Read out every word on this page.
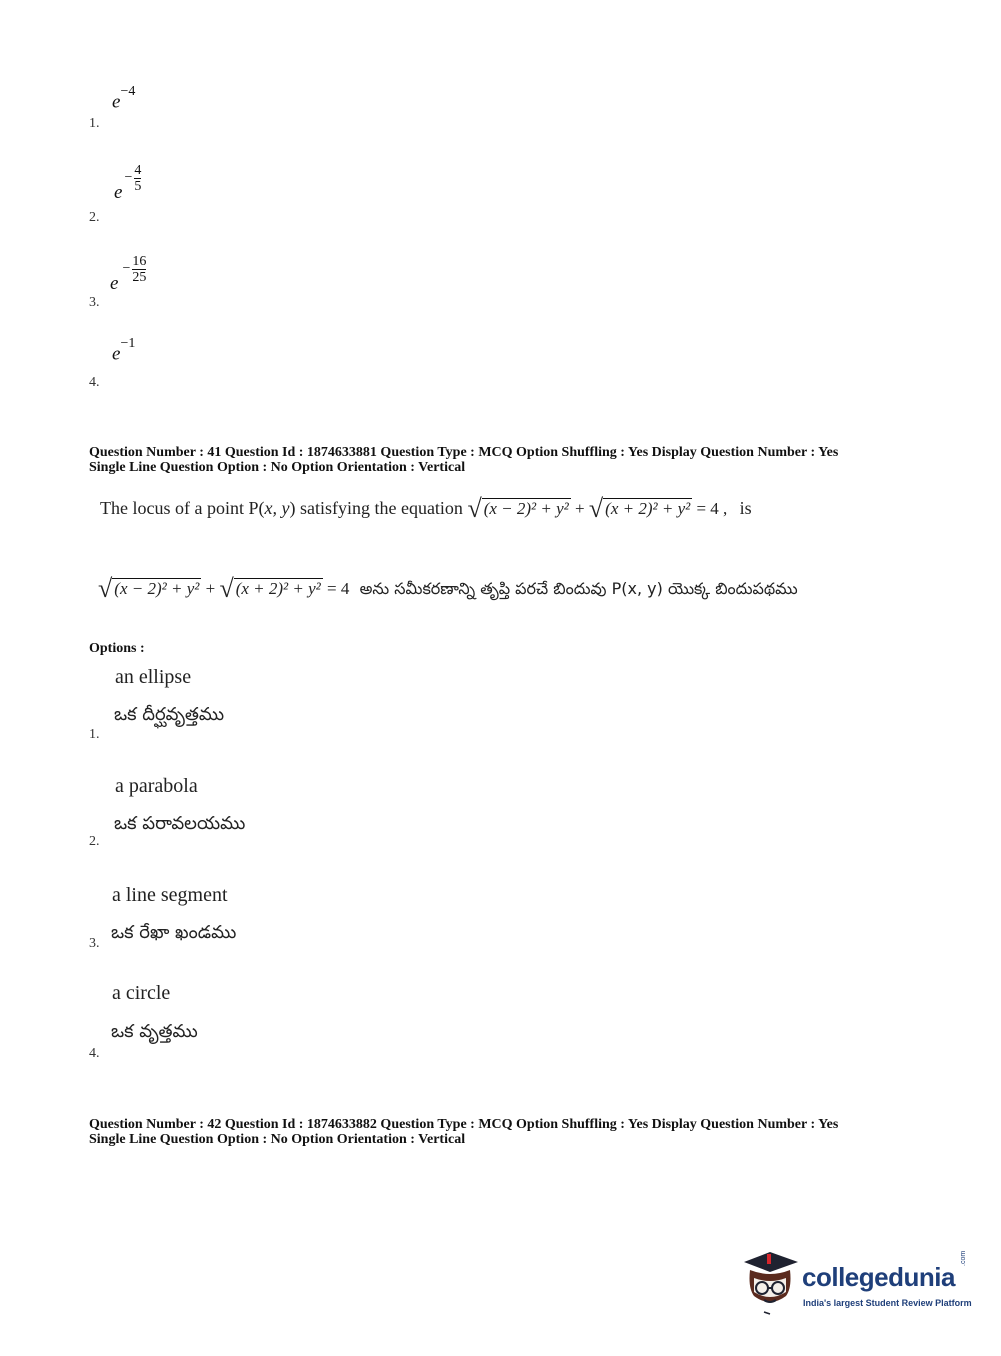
$e^{-4}$
1.
e
− $\frac{4}{5}$
2.
e
− $\frac{16}{25}$
3.
$e^{-1}$
4.
Question Number : 41 Question Id : 1874633881 Question Type : MCQ Option Shuffling : Yes Display Question Number : Yes
Single Line Question Option : No Option Orientation : Vertical
The locus of a point P(x, y) satisfying the equation √ (x − 2)² + y² + √ (x + 2)² + y² = 4 , is
√ (x − 2)² + y² + √ (x + 2)² + y² = 4 అను సమీకరణాన్ని తృప్తి పరచే బిందువు P(x, y) యొక్క బిందుపథము
Options :
an ellipse
ఒక దీర్ఘవృత్తము
1.
a parabola
ఒక పరావలయము
2.
a line segment
ఒక రేఖా ఖండము
3.
a circle
ఒక వృత్తము
4.
Question Number : 42 Question Id : 1874633882 Question Type : MCQ Option Shuffling : Yes Display Question Number : Yes
Single Line Question Option : No Option Orientation : Vertical
collegedunia
.com
India's largest Student Review Platform
